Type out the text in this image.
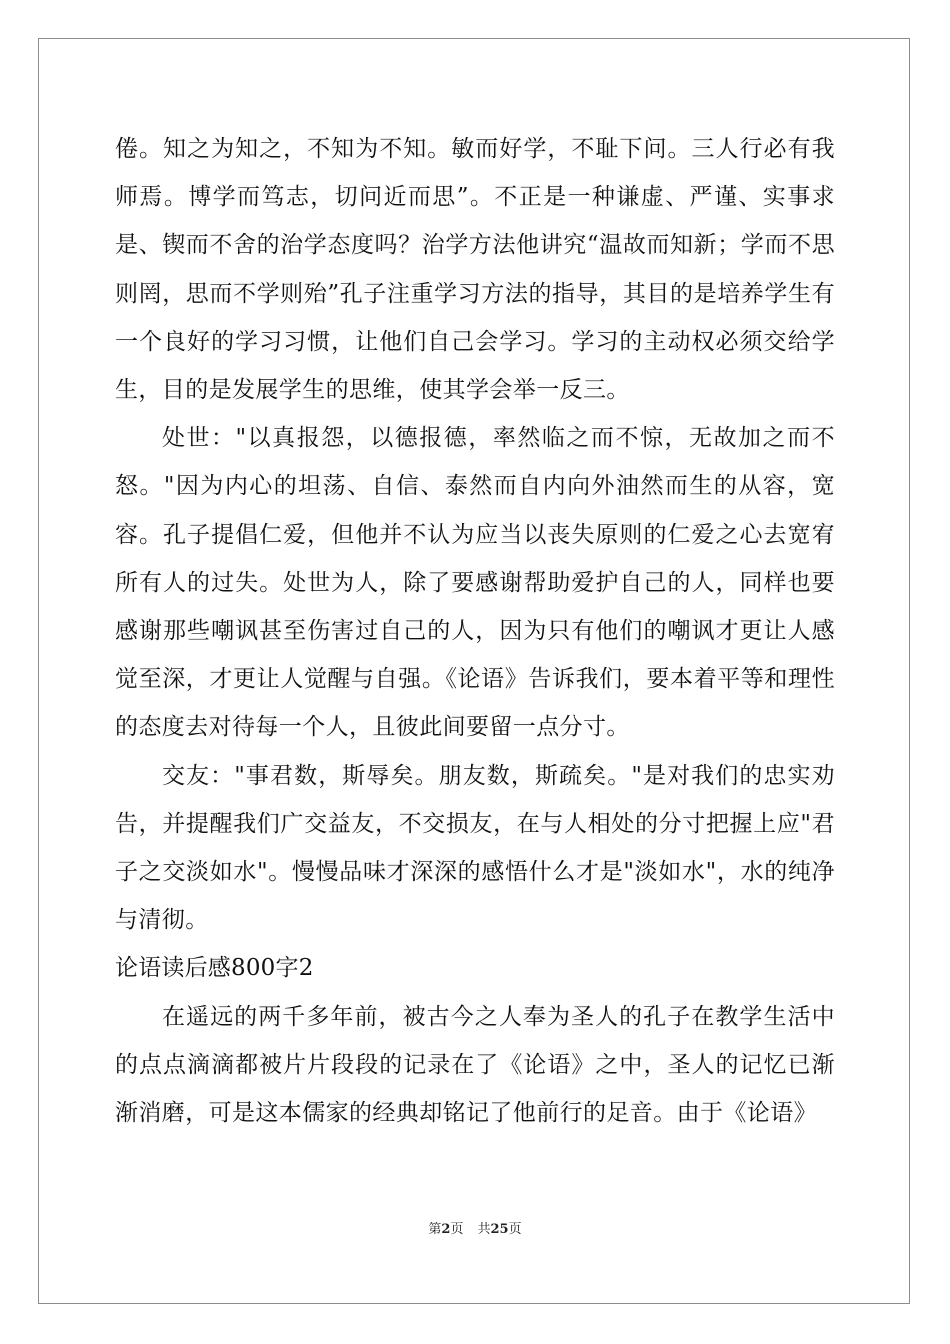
倦。知之为知之，不知为不知。敏而好学，不耻下问。三人行必有我师焉。博学而笃志，切问近而思”。不正是一种谦虚、严谨、实事求是、锲而不舍的治学态度吗？治学方法他讲究“温故而知新；学而不思则罔，思而不学则殆”孔子注重学习方法的指导，其目的是培养学生有一个良好的学习习惯，让他们自己会学习。学习的主动权必须交给学生，目的是发展学生的思维，使其学会举一反三。

处世："以真报怨，以德报德，率然临之而不惊，无故加之而不怒。"因为内心的坦荡、自信、泰然而自内向外油然而生的从容，宽容。孔子提倡仁爱，但他并不认为应当以丧失原则的仁爱之心去宽宥所有人的过失。处世为人，除了要感谢帮助爱护自己的人，同样也要感谢那些嘲讽甚至伤害过自己的人，因为只有他们的嘲讽才更让人感觉至深，才更让人觉醒与自强。《论语》告诉我们，要本着平等和理性的态度去对待每一个人，且彼此间要留一点分寸。

交友："事君数，斯辱矣。朋友数，斯疏矣。"是对我们的忠实劝告，并提醒我们广交益友，不交损友，在与人相处的分寸把握上应"君子之交淡如水"。慢慢品味才深深的感悟什么才是"淡如水"，水的纯净与清彻。

论语读后感800字2

在遥远的两千多年前，被古今之人奉为圣人的孔子在教学生活中的点点滴滴都被片片段段的记录在了《论语》之中，圣人的记忆已渐渐消磨，可是这本儒家的经典却铭记了他前行的足音。由于《论语》

第2页 共25页
